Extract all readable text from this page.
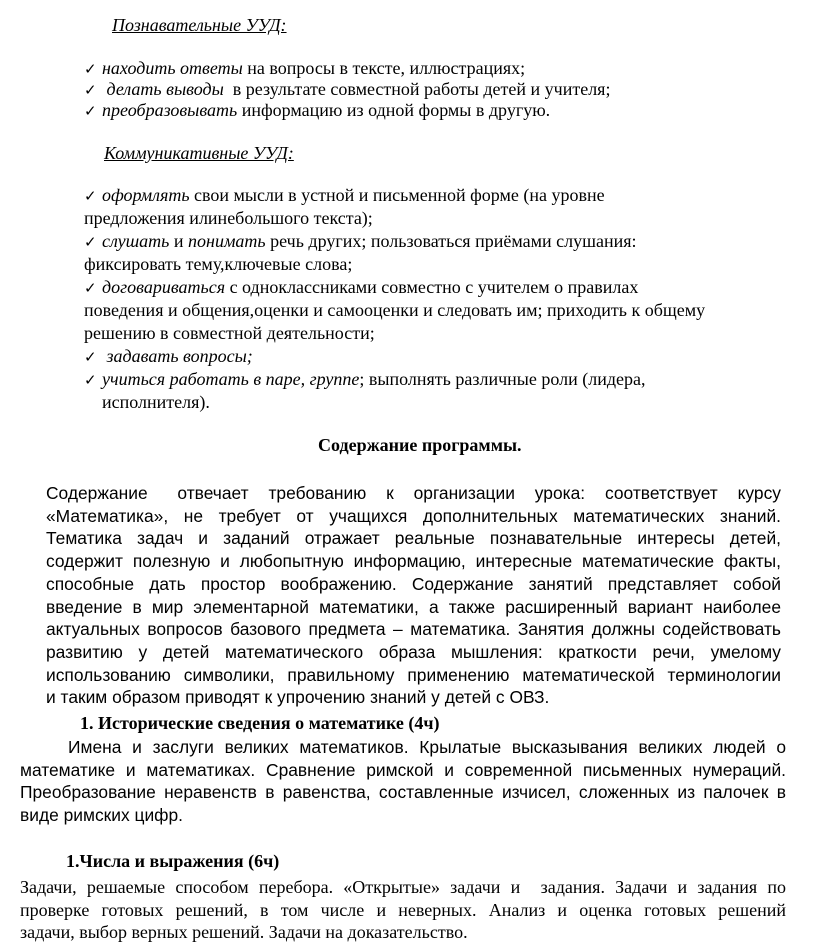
Познавательные УУД:
✓ находить ответы на вопросы в тексте, иллюстрациях;
✓ делать выводы  в результате совместной работы детей и учителя;
✓ преобразовывать информацию из одной формы в другую.
Коммуникативные УУД:
✓ оформлять свои мысли в устной и письменной форме (на уровне
предложения илинебольшого текста);
✓ слушать и понимать речь других; пользоваться приёмами слушания:
фиксировать тему,ключевые слова;
✓ договариваться с одноклассниками совместно с учителем о правилах
поведения и общения,оценки и самооценки и следовать им; приходить к общему
решению в совместной деятельности;
✓ задавать вопросы;
✓ учиться работать в паре, группе; выполнять различные роли (лидера,
исполнителя).
Содержание программы.
Содержание   отвечает  требованию  к  организации  урока:  соответствует  курсу
«Математика», не требует от учащихся дополнительных математических знаний.
Тематика задач и заданий отражает реальные познавательные интересы детей,
содержит полезную и любопытную информацию, интересные математические факты,
способные дать простор воображению. Содержание занятий представляет собой
введение в мир элементарной математики, а также расширенный вариант наиболее
актуальных вопросов базового предмета – математика. Занятия должны содействовать
развитию у детей математического образа мышления: краткости речи, умелому
использованию символики, правильному применению математической терминологии
и таким образом приводят к упрочению знаний у детей с ОВЗ.
1. Исторические сведения о математике (4ч)
Имена и заслуги великих математиков. Крылатые высказывания великих людей о
математике и математиках. Сравнение римской и современной письменных нумераций.
Преобразование неравенств в равенства, составленные изчисел, сложенных из палочек в
виде римских цифр.
1.Числа и выражения (6ч)
Задачи, решаемые способом перебора. «Открытые» задачи и  задания. Задачи и задания по
проверке готовых решений, в том числе и неверных. Анализ и оценка готовых решений
задачи, выбор верных решений. Задачи на доказательство.
